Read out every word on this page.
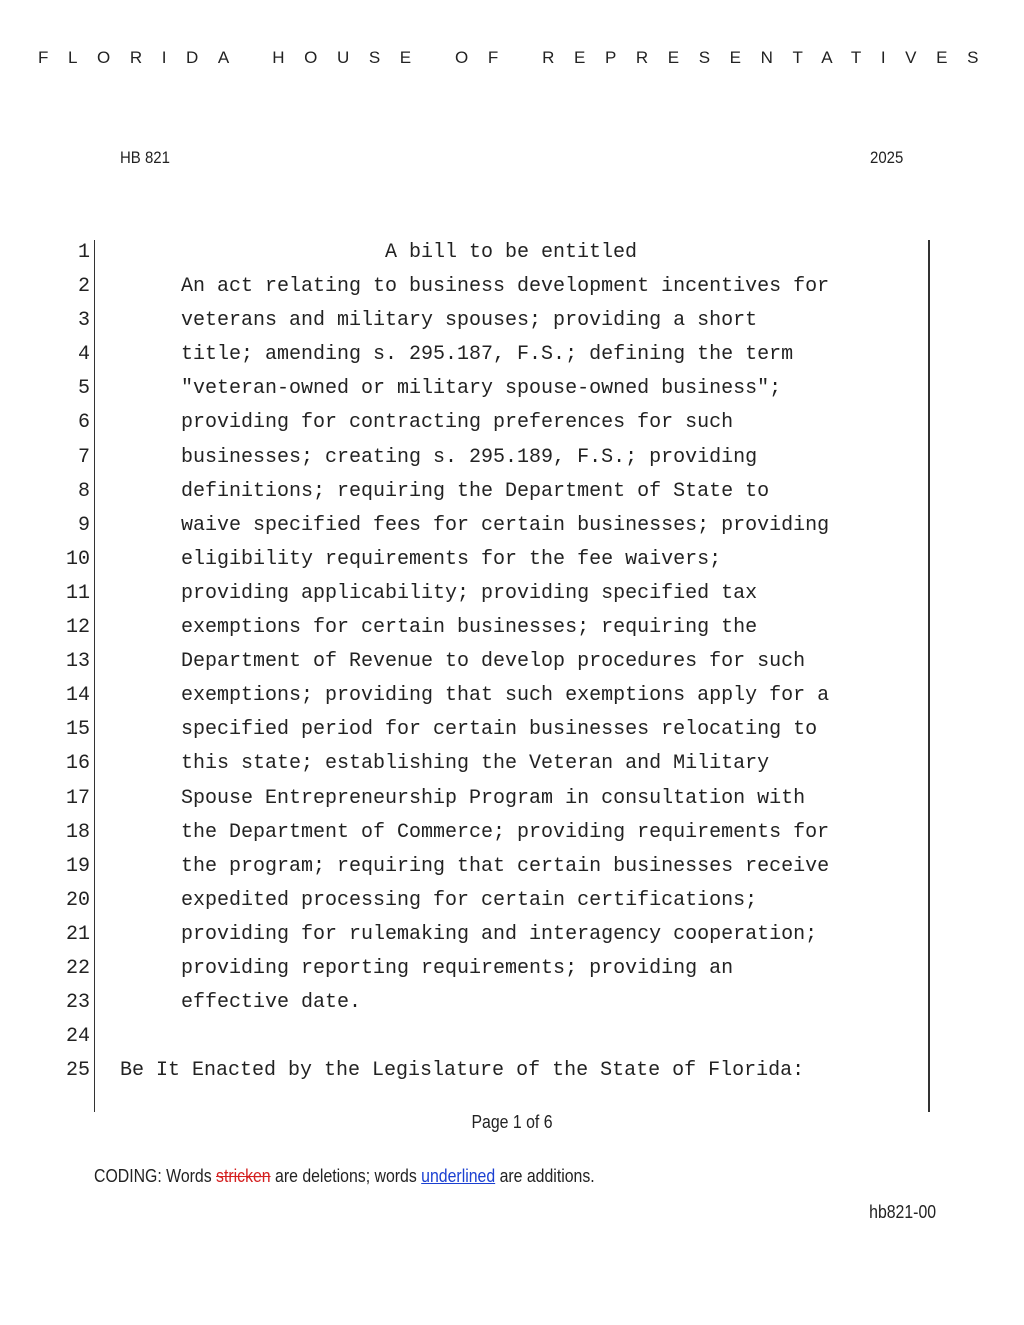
FLORIDA HOUSE OF REPRESENTATIVES
HB 821	2025
1	A bill to be entitled
2	An act relating to business development incentives for
3	veterans and military spouses; providing a short
4	title; amending s. 295.187, F.S.; defining the term
5	"veteran-owned or military spouse-owned business";
6	providing for contracting preferences for such
7	businesses; creating s. 295.189, F.S.; providing
8	definitions; requiring the Department of State to
9	waive specified fees for certain businesses; providing
10	eligibility requirements for the fee waivers;
11	providing applicability; providing specified tax
12	exemptions for certain businesses; requiring the
13	Department of Revenue to develop procedures for such
14	exemptions; providing that such exemptions apply for a
15	specified period for certain businesses relocating to
16	this state; establishing the Veteran and Military
17	Spouse Entrepreneurship Program in consultation with
18	the Department of Commerce; providing requirements for
19	the program; requiring that certain businesses receive
20	expedited processing for certain certifications;
21	providing for rulemaking and interagency cooperation;
22	providing reporting requirements; providing an
23	effective date.
24
25 Be It Enacted by the Legislature of the State of Florida:
Page 1 of 6
CODING: Words stricken are deletions; words underlined are additions.
hb821-00
